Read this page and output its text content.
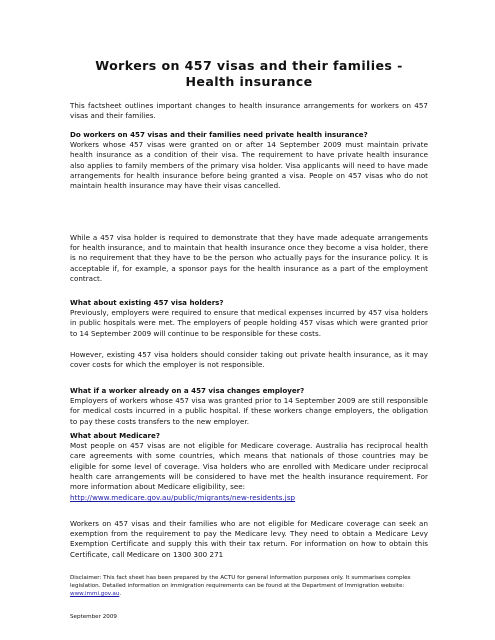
Workers on 457 visas and their families -
Health insurance

This factsheet outlines important changes to health insurance arrangements for workers on 457 visas and their families.

Do workers on 457 visas and their families need private health insurance?

Workers whose 457 visas were granted on or after 14 September 2009 must maintain private health insurance as a condition of their visa. The requirement to have private health insurance also applies to family members of the primary visa holder. Visa applicants will need to have made arrangements for health insurance before being granted a visa. People on 457 visas who do not maintain health insurance may have their visas cancelled.

While a 457 visa holder is required to demonstrate that they have made adequate arrangements for health insurance, and to maintain that health insurance once they become a visa holder, there is no requirement that they have to be the person who actually pays for the insurance policy. It is acceptable if, for example, a sponsor pays for the health insurance as a part of the employment contract.

What about existing 457 visa holders?

Previously, employers were required to ensure that medical expenses incurred by 457 visa holders in public hospitals were met. The employers of people holding 457 visas which were granted prior to 14 September 2009 will continue to be responsible for these costs.

However, existing 457 visa holders should consider taking out private health insurance, as it may cover costs for which the employer is not responsible.

What if a worker already on a 457 visa changes employer?

Employers of workers whose 457 visa was granted prior to 14 September 2009 are still responsible for medical costs incurred in a public hospital. If these workers change employers, the obligation to pay these costs transfers to the new employer.

What about Medicare?

Most people on 457 visas are not eligible for Medicare coverage. Australia has reciprocal health care agreements with some countries, which means that nationals of those countries may be eligible for some level of coverage. Visa holders who are enrolled with Medicare under reciprocal health care arrangements will be considered to have met the health insurance requirement. For more information about Medicare eligibility, see:

http://www.medicare.gov.au/public/migrants/new-residents.jsp

Workers on 457 visas and their families who are not eligible for Medicare coverage can seek an exemption from the requirement to pay the Medicare levy. They need to obtain a Medicare Levy Exemption Certificate and supply this with their tax return. For information on how to obtain this Certificate, call Medicare on 1300 300 271

Disclaimer: This fact sheet has been prepared by the ACTU for general information purposes only. It summarises complex legislation. Detailed information on immigration requirements can be found at the Department of Immigration website: www.immi.gov.au.

September 2009
